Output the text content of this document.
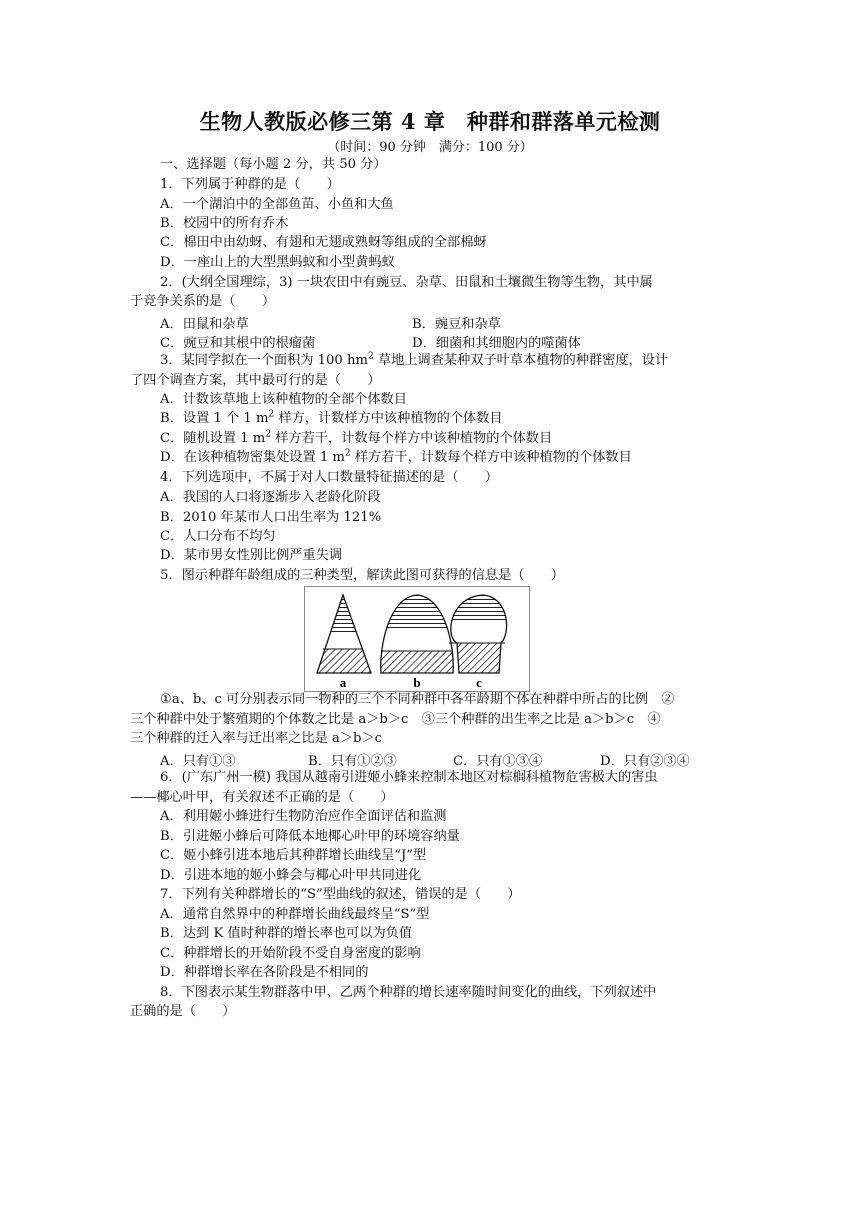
生物人教版必修三第 4 章　种群和群落单元检测
（时间：90 分钟　满分：100 分）
一、选择题（每小题 2 分，共 50 分）
1．下列属于种群的是（　　）
A．一个湖泊中的全部鱼苗、小鱼和大鱼
B．校园中的所有乔木
C．棉田中由幼蚜、有翅和无翅成熟蚜等组成的全部棉蚜
D．一座山上的大型黑蚂蚁和小型黄蚂蚁
2．(大纲全国理综，3) 一块农田中有豌豆、杂草、田鼠和土壤微生物等生物，其中属
于竞争关系的是（　　）
A．田鼠和杂草	B．豌豆和杂草
C．豌豆和其根中的根瘤菌	D．细菌和其细胞内的噬菌体
3．某同学拟在一个面积为 100 $hm^2$ 草地上调查某种双子叶草本植物的种群密度，设计
了四个调查方案，其中最可行的是（　　）
A．计数该草地上该种植物的全部个体数目
B．设置 1 个 1 $m^2$ 样方，计数样方中该种植物的个体数目
C．随机设置 1 $m^2$ 样方若干，计数每个样方中该种植物的个体数目
D．在该种植物密集处设置 1 $m^2$ 样方若干，计数每个样方中该种植物的个体数目
4．下列选项中，不属于对人口数量特征描述的是（　　）
A．我国的人口将逐渐步入老龄化阶段
B．2010 年某市人口出生率为 121%
C．人口分布不均匀
D．某市男女性别比例严重失调
5．图示种群年龄组成的三种类型，解读此图可获得的信息是（　　）
a	b	c
①a、b、c 可分别表示同一物种的三个不同种群中各年龄期个体在种群中所占的比例　②
三个种群中处于繁殖期的个体数之比是 a＞b＞c　③三个种群的出生率之比是 a＞b＞c　④
三个种群的迁入率与迁出率之比是 a＞b＞c
A．只有①③	B．只有①②③	C．只有①③④	D．只有②③④
6．(广东广州一模) 我国从越南引进姬小蜂来控制本地区对棕榈科植物危害极大的害虫
——椰心叶甲，有关叙述不正确的是（　　）
A．利用姬小蜂进行生物防治应作全面评估和监测
B．引进姬小蜂后可降低本地椰心叶甲的环境容纳量
C．姬小蜂引进本地后其种群增长曲线呈“J”型
D．引进本地的姬小蜂会与椰心叶甲共同进化
7．下列有关种群增长的“S”型曲线的叙述，错误的是（　　）
A．通常自然界中的种群增长曲线最终呈“S”型
B．达到 K 值时种群的增长率也可以为负值
C．种群增长的开始阶段不受自身密度的影响
D．种群增长率在各阶段是不相同的
8．下图表示某生物群落中甲、乙两个种群的增长速率随时间变化的曲线，下列叙述中
正确的是（　　）
